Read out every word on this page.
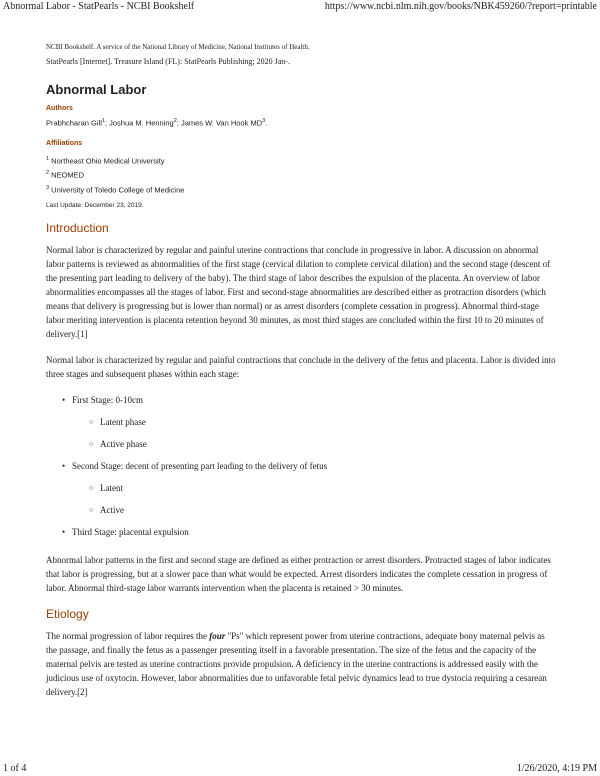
Abnormal Labor - StatPearls - NCBI Bookshelf	https://www.ncbi.nlm.nih.gov/books/NBK459260/?report=printable

NCBI Bookshelf. A service of the National Library of Medicine, National Institutes of Health.

StatPearls [Internet]. Treasure Island (FL): StatPearls Publishing; 2020 Jan-.

Abnormal Labor

Authors

Prabhcharan Gill$^1$; Joshua M. Henning$^2$; James W. Van Hook $MD^3$.

Affiliations

$^1$ Northeast Ohio Medical University

$^2$ NEOMED

$^3$ University of Toledo College of Medicine

Last Update: December 23, 2019.

Introduction

Normal labor is characterized by regular and painful uterine contractions that conclude in progressive in labor. A discussion on abnormal labor patterns is reviewed as abnormalities of the first stage (cervical dilation to complete cervical dilation) and the second stage (descent of the presenting part leading to delivery of the baby). The third stage of labor describes the expulsion of the placenta. An overview of labor abnormalities encompasses all the stages of labor. First and second-stage abnormalities are described either as protraction disorders (which means that delivery is progressing but is lower than normal) or as arrest disorders (complete cessation in progress). Abnormal third-stage labor meriting intervention is placenta retention beyond 30 minutes, as most third stages are concluded within the first 10 to 20 minutes of delivery.[1]

Normal labor is characterized by regular and painful contractions that conclude in the delivery of the fetus and placenta. Labor is divided into three stages and subsequent phases within each stage:

• First Stage: 0-10cm
○ Latent phase
○ Active phase
• Second Stage: decent of presenting part leading to the delivery of fetus
○ Latent
○ Active
• Third Stage: placental expulsion

Abnormal labor patterns in the first and second stage are defined as either protraction or arrest disorders. Protracted stages of labor indicates that labor is progressing, but at a slower pace than what would be expected. Arrest disorders indicates the complete cessation in progress of labor. Abnormal third-stage labor warrants intervention when the placenta is retained > 30 minutes.

Etiology

The normal progression of labor requires the four "Ps" which represent power from uterine contractions, adequate bony maternal pelvis as the passage, and finally the fetus as a passenger presenting itself in a favorable presentation. The size of the fetus and the capacity of the maternal pelvis are tested as uterine contractions provide propulsion. A deficiency in the uterine contractions is addressed easily with the judicious use of oxytocin. However, labor abnormalities due to unfavorable fetal pelvic dynamics lead to true dystocia requiring a cesarean delivery.[2]

1 of 4	1/26/2020, 4:19 PM
